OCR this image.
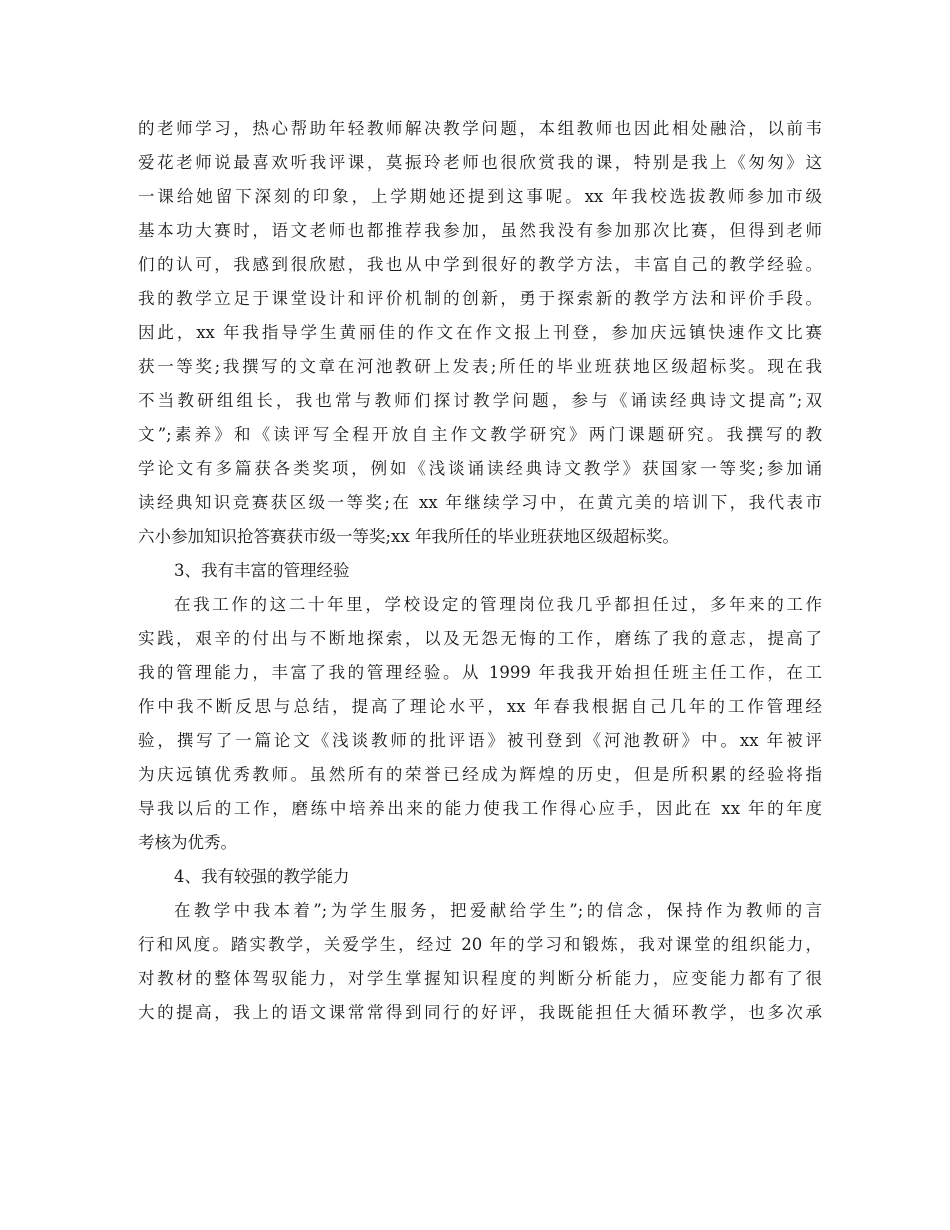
的老师学习，热心帮助年轻教师解决教学问题，本组教师也因此相处融洽，以前韦
爱花老师说最喜欢听我评课，莫振玲老师也很欣赏我的课，特别是我上《匆匆》这
一课给她留下深刻的印象，上学期她还提到这事呢。xx 年我校选拔教师参加市级
基本功大赛时，语文老师也都推荐我参加，虽然我没有参加那次比赛，但得到老师
们的认可，我感到很欣慰，我也从中学到很好的教学方法，丰富自己的教学经验。
我的教学立足于课堂设计和评价机制的创新，勇于探索新的教学方法和评价手段。
因此，xx 年我指导学生黄丽佳的作文在作文报上刊登，参加庆远镇快速作文比赛
获一等奖;我撰写的文章在河池教研上发表;所任的毕业班获地区级超标奖。现在我
不当教研组组长，我也常与教师们探讨教学问题，参与《诵读经典诗文提高”;双
文”;素养》和《读评写全程开放自主作文教学研究》两门课题研究。我撰写的教
学论文有多篇获各类奖项，例如《浅谈诵读经典诗文教学》获国家一等奖;参加诵
读经典知识竞赛获区级一等奖;在 xx 年继续学习中，在黄亢美的培训下，我代表市
六小参加知识抢答赛获市级一等奖;xx 年我所任的毕业班获地区级超标奖。
3、我有丰富的管理经验
在我工作的这二十年里，学校设定的管理岗位我几乎都担任过，多年来的工作
实践，艰辛的付出与不断地探索，以及无怨无悔的工作，磨练了我的意志，提高了
我的管理能力，丰富了我的管理经验。从 1999 年我我开始担任班主任工作，在工
作中我不断反思与总结，提高了理论水平，xx 年春我根据自己几年的工作管理经
验，撰写了一篇论文《浅谈教师的批评语》被刊登到《河池教研》中。xx 年被评
为庆远镇优秀教师。虽然所有的荣誉已经成为辉煌的历史，但是所积累的经验将指
导我以后的工作，磨练中培养出来的能力使我工作得心应手，因此在 xx 年的年度
考核为优秀。
4、我有较强的教学能力
在教学中我本着”;为学生服务，把爱献给学生”;的信念，保持作为教师的言
行和风度。踏实教学，关爱学生，经过 20 年的学习和锻炼，我对课堂的组织能力，
对教材的整体驾驭能力，对学生掌握知识程度的判断分析能力，应变能力都有了很
大的提高，我上的语文课常常得到同行的好评，我既能担任大循环教学，也多次承
